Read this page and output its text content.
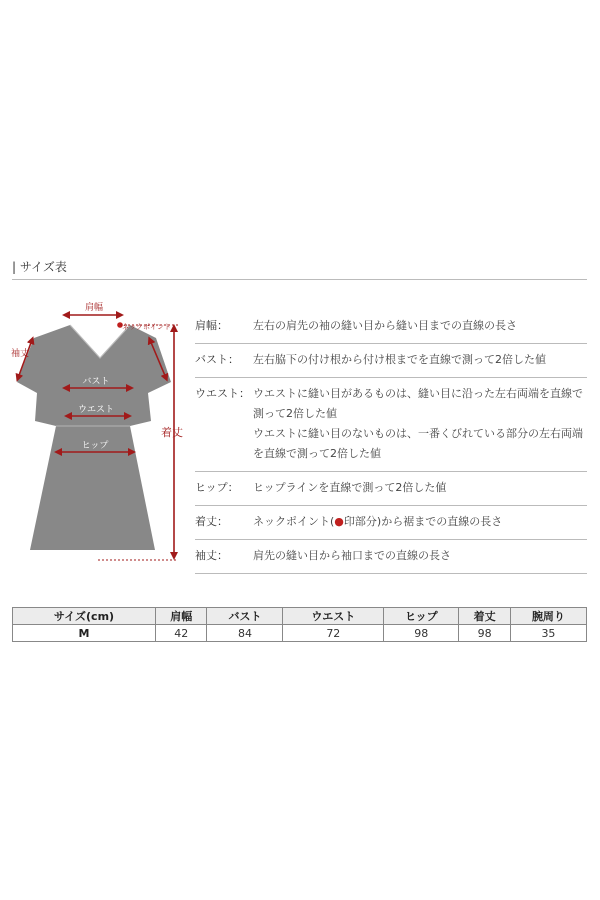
| サイズ表
肩幅
ネックポイント
袖丈
バスト
ウエスト
ヒップ
着丈
肩幅：	左右の肩先の袖の縫い目から縫い目までの直線の長さ
バスト：	左右脇下の付け根から付け根までを直線で測って2倍した値
ウエスト： ウエストに縫い目があるものは、縫い目に沿った左右両端を直線で
測って2倍した値
ウエストに縫い目のないものは、一番くびれている部分の左右両端
を直線で測って2倍した値
ヒップ：	ヒップラインを直線で測って2倍した値
着丈：	ネックポイント(●印部分)から裾までの直線の長さ
袖丈：	肩先の縫い目から袖口までの直線の長さ
サイズ(cm)	肩幅	バスト	ウエスト	ヒップ	着丈	腕周り
M	42	84	72	98	98	35
